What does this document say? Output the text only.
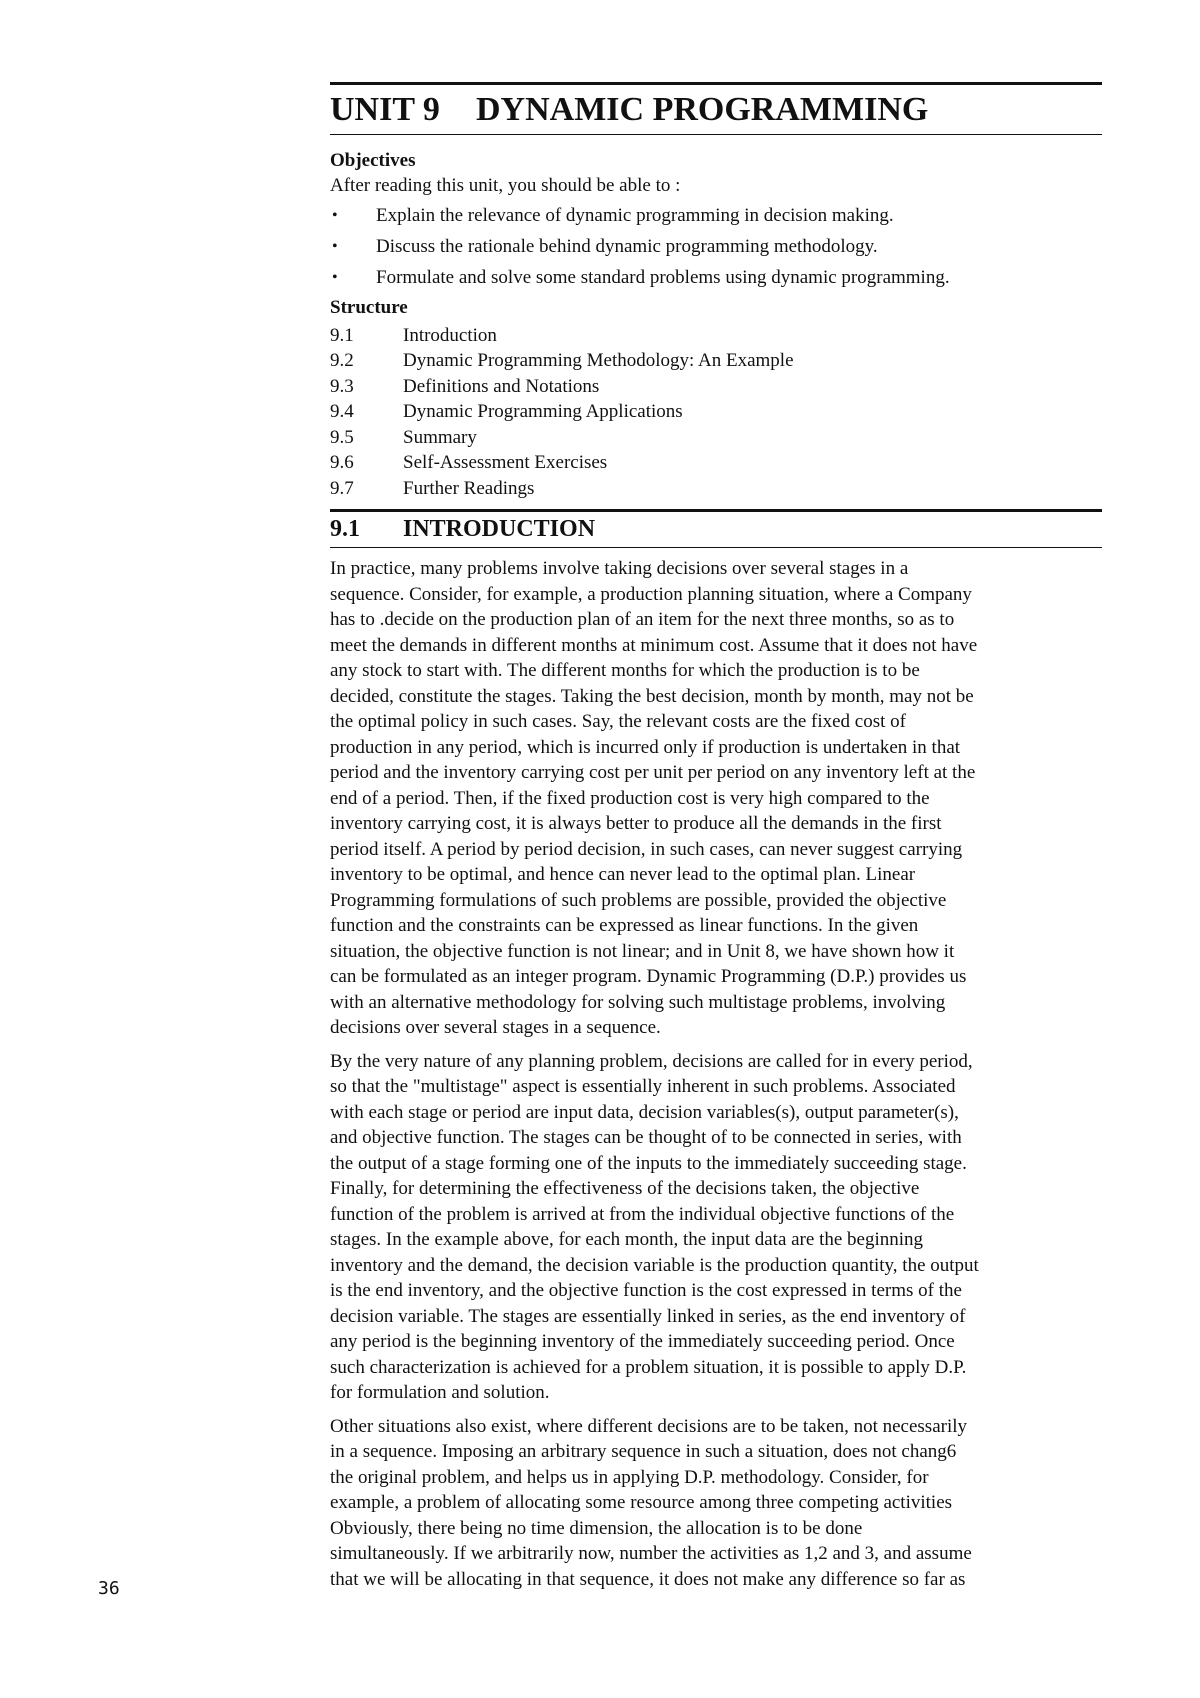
UNIT 9	DYNAMIC PROGRAMMING

Objectives

After reading this unit, you should be able to :

•	Explain the relevance of dynamic programming in decision making.
•	Discuss the rationale behind dynamic programming methodology.
•	Formulate and solve some standard problems using dynamic programming.

Structure

9.1	Introduction
9.2	Dynamic Programming Methodology: An Example
9.3	Definitions and Notations
9.4	Dynamic Programming Applications
9.5	Summary
9.6	Self-Assessment Exercises
9.7	Further Readings
9.1	INTRODUCTION

In practice, many problems involve taking decisions over several stages in a
sequence. Consider, for example, a production planning situation, where a Company
has to .decide on the production plan of an item for the next three months, so as to
meet the demands in different months at minimum cost. Assume that it does not have
any stock to start with. The different months for which the production is to be
decided, constitute the stages. Taking the best decision, month by month, may not be
the optimal policy in such cases. Say, the relevant costs are the fixed cost of
production in any period, which is incurred only if production is undertaken in that
period and the inventory carrying cost per unit per period on any inventory left at the
end of a period. Then, if the fixed production cost is very high compared to the
inventory carrying cost, it is always better to produce all the demands in the first
period itself. A period by period decision, in such cases, can never suggest carrying
inventory to be optimal, and hence can never lead to the optimal plan. Linear
Programming formulations of such problems are possible, provided the objective
function and the constraints can be expressed as linear functions. In the given
situation, the objective function is not linear; and in Unit 8, we have shown how it
can be formulated as an integer program. Dynamic Programming (D.P.) provides us
with an alternative methodology for solving such multistage problems, involving
decisions over several stages in a sequence.

By the very nature of any planning problem, decisions are called for in every period,
so that the "multistage" aspect is essentially inherent in such problems. Associated
with each stage or period are input data, decision variables(s), output parameter(s),
and objective function. The stages can be thought of to be connected in series, with
the output of a stage forming one of the inputs to the immediately succeeding stage.
Finally, for determining the effectiveness of the decisions taken, the objective
function of the problem is arrived at from the individual objective functions of the
stages. In the example above, for each month, the input data are the beginning
inventory and the demand, the decision variable is the production quantity, the output
is the end inventory, and the objective function is the cost expressed in terms of the
decision variable. The stages are essentially linked in series, as the end inventory of
any period is the beginning inventory of the immediately succeeding period. Once
such characterization is achieved for a problem situation, it is possible to apply D.P.
for formulation and solution.

Other situations also exist, where different decisions are to be taken, not necessarily
in a sequence. Imposing an arbitrary sequence in such a situation, does not chang6
the original problem, and helps us in applying D.P. methodology. Consider, for
example, a problem of allocating some resource among three competing activities
Obviously, there being no time dimension, the allocation is to be done
simultaneously. If we arbitrarily now, number the activities as 1,2 and 3, and assume
that we will be allocating in that sequence, it does not make any difference so far as

36
